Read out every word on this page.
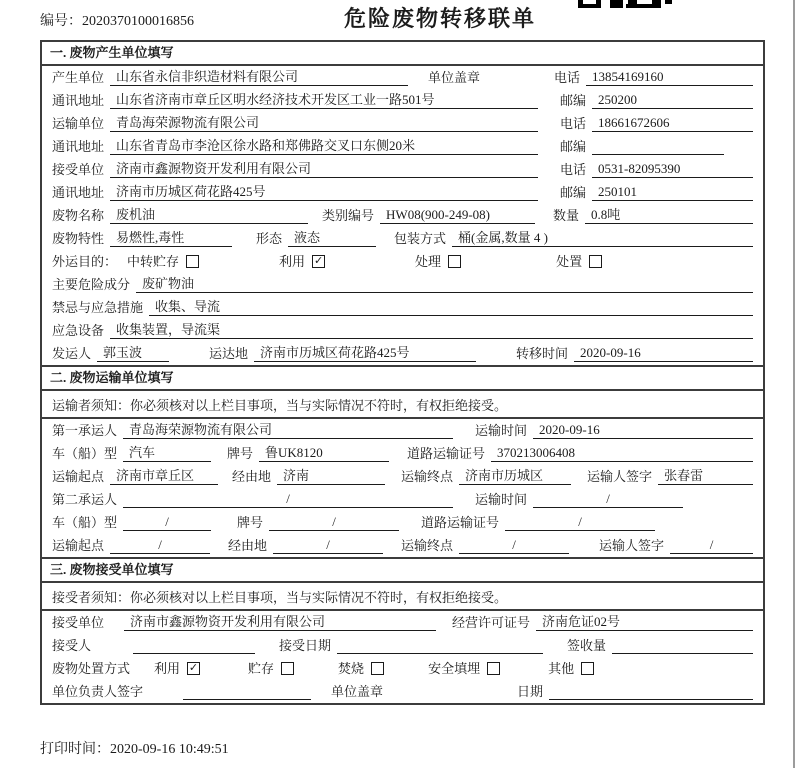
编号：2020370100016856	危险废物转移联单
一. 废物产生单位填写
产生单位 山东省永信非织造材料有限公司	单位盖章	电话 13854169160
通讯地址 山东省济南市章丘区明水经济技术开发区工业一路501号	邮编 250200
运输单位 青岛海荣源物流有限公司	电话 18661672606
通讯地址 山东省青岛市李沧区徐水路和郑佛路交叉口东侧20米	邮编
接受单位 济南市鑫源物资开发利用有限公司	电话 0531-82095390
通讯地址 济南市历城区荷花路425号	邮编 250101
废物名称 废机油	类别编号 HW08(900-249-08)	数量 0.8吨
废物特性 易燃性,毒性	形态 液态	包装方式 桶(金属,数量 4 )
外运目的： 中转贮存	利用 ✓	处理	处置
主要危险成分 废矿物油
禁忌与应急措施 收集、导流
应急设备 收集装置，导流渠
发运人 郭玉波	运达地 济南市历城区荷花路425号	转移时间 2020-09-16
二. 废物运输单位填写
运输者须知： 你必须核对以上栏目事项，当与实际情况不符时，有权拒绝接受。
第一承运人 青岛海荣源物流有限公司	运输时间 2020-09-16
车（船）型 汽车	牌号 鲁UK8120	道路运输证号 370213006408
运输起点 济南市章丘区	经由地 济南	运输终点 济南市历城区	运输人签字 张春雷
第二承运人	/	运输时间	/
车（船）型	/	牌号	/	道路运输证号	/
运输起点	/	经由地	/	运输终点	/	运输人签字	/
三. 废物接受单位填写
接受者须知： 你必须核对以上栏目事项，当与实际情况不符时，有权拒绝接受。
接受单位	济南市鑫源物资开发利用有限公司	经营许可证号 济南危证02号
接受人	接受日期	签收量
废物处置方式 利用 ✓	贮存	焚烧	安全填埋	其他
单位负责人签字	单位盖章	日期
打印时间：2020-09-16 10:49:51
